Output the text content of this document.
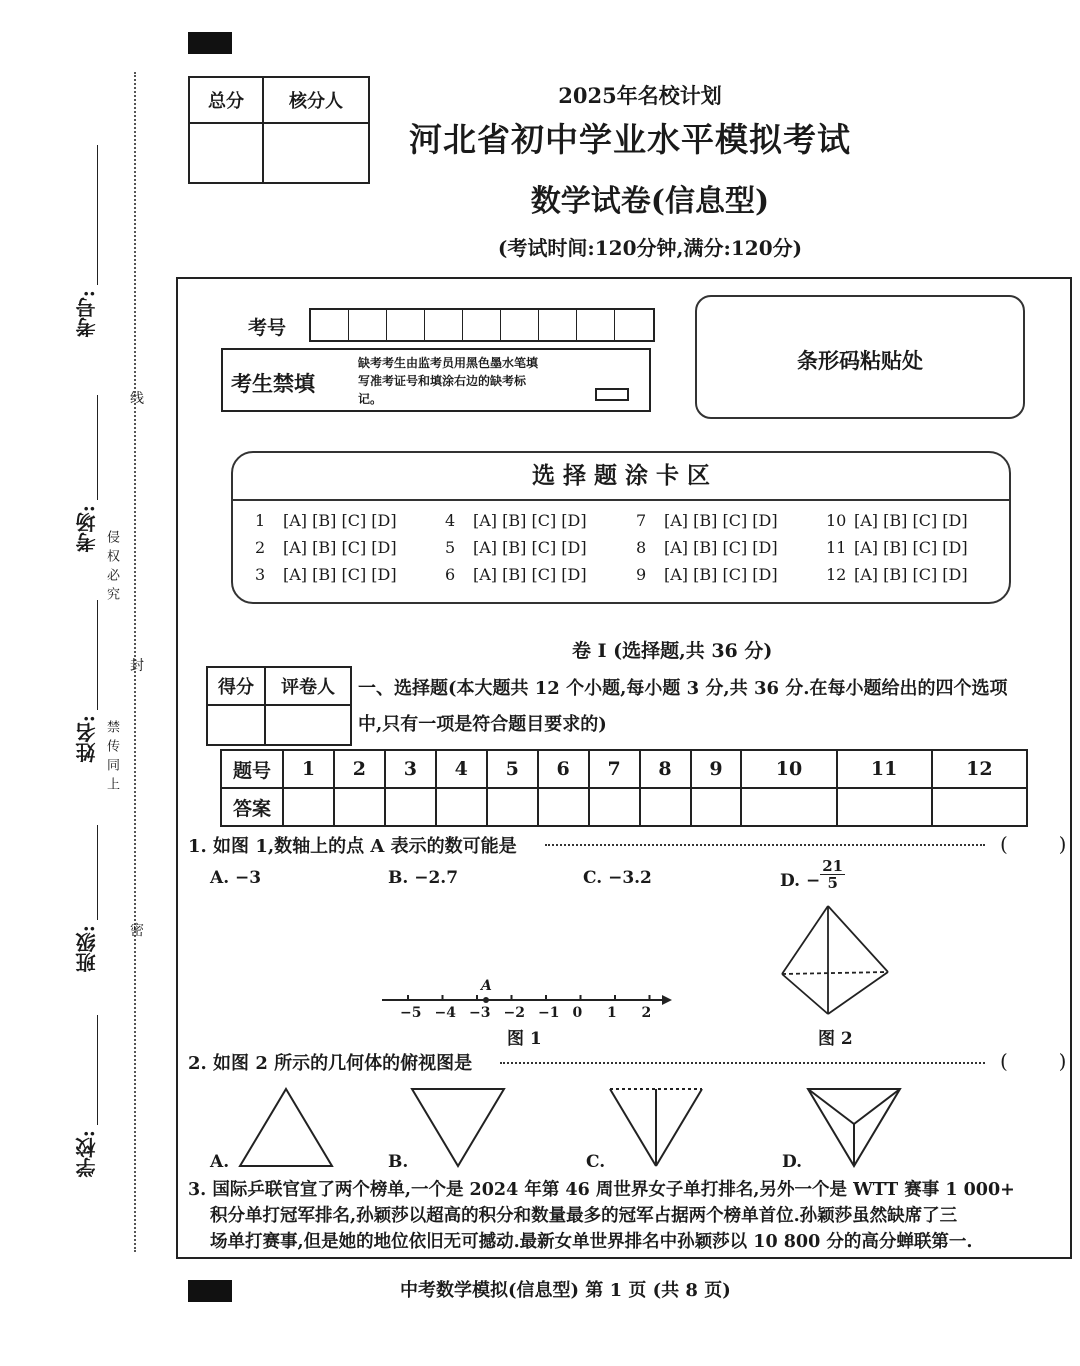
考号:
考场:
姓名:
班级:
学校:
侵权必究
禁传同上
线
封
密
总分	核分人
		2025年名校计划
河北省初中学业水平模拟考试
数学试卷(信息型)
(考试时间:120分钟,满分:120分)
考号
考生禁填
缺考考生由监考员用黑色墨水笔填写准考证号和填涂右边的缺考标记。
条形码粘贴处
选 择 题 涂 卡 区
1	[A] [B] [C] [D]
2	[A] [B] [C] [D]
3	[A] [B] [C] [D]
4	[A] [B] [C] [D]
5	[A] [B] [C] [D]
6	[A] [B] [C] [D]
7	[A] [B] [C] [D]
8	[A] [B] [C] [D]
9	[A] [B] [C] [D]
10 [A] [B] [C] [D]
11 [A] [B] [C] [D]
12 [A] [B] [C] [D]
卷 I (选择题,共 36 分)
得分	评卷人
	一、选择题(本大题共 12 个小题,每小题 3 分,共 36 分.在每小题给出的四个选项
中,只有一项是符合题目要求的)
题号	1	2	3	4	5	6	7	8	9	10	11	12
答案												
1. 如图 1,数轴上的点 A 表示的数可能是	(        )
A. −3	B. −2.7	C. −3.2	D. − $\frac{21}{5}$
A
−5 −4 −3 −2 −1 0 1 2
图 1	图 2
2. 如图 2 所示的几何体的俯视图是	(        )
A.	B.	C.	D.
3. 国际乒联官宣了两个榜单,一个是 2024 年第 46 周世界女子单打排名,另外一个是 WTT 赛事 1 000+
积分单打冠军排名,孙颖莎以超高的积分和数量最多的冠军占据两个榜单首位.孙颖莎虽然缺席了三
场单打赛事,但是她的地位依旧无可撼动.最新女单世界排名中孙颖莎以 10 800 分的高分蝉联第一.
中考数学模拟(信息型) 第 1 页 (共 8 页)
